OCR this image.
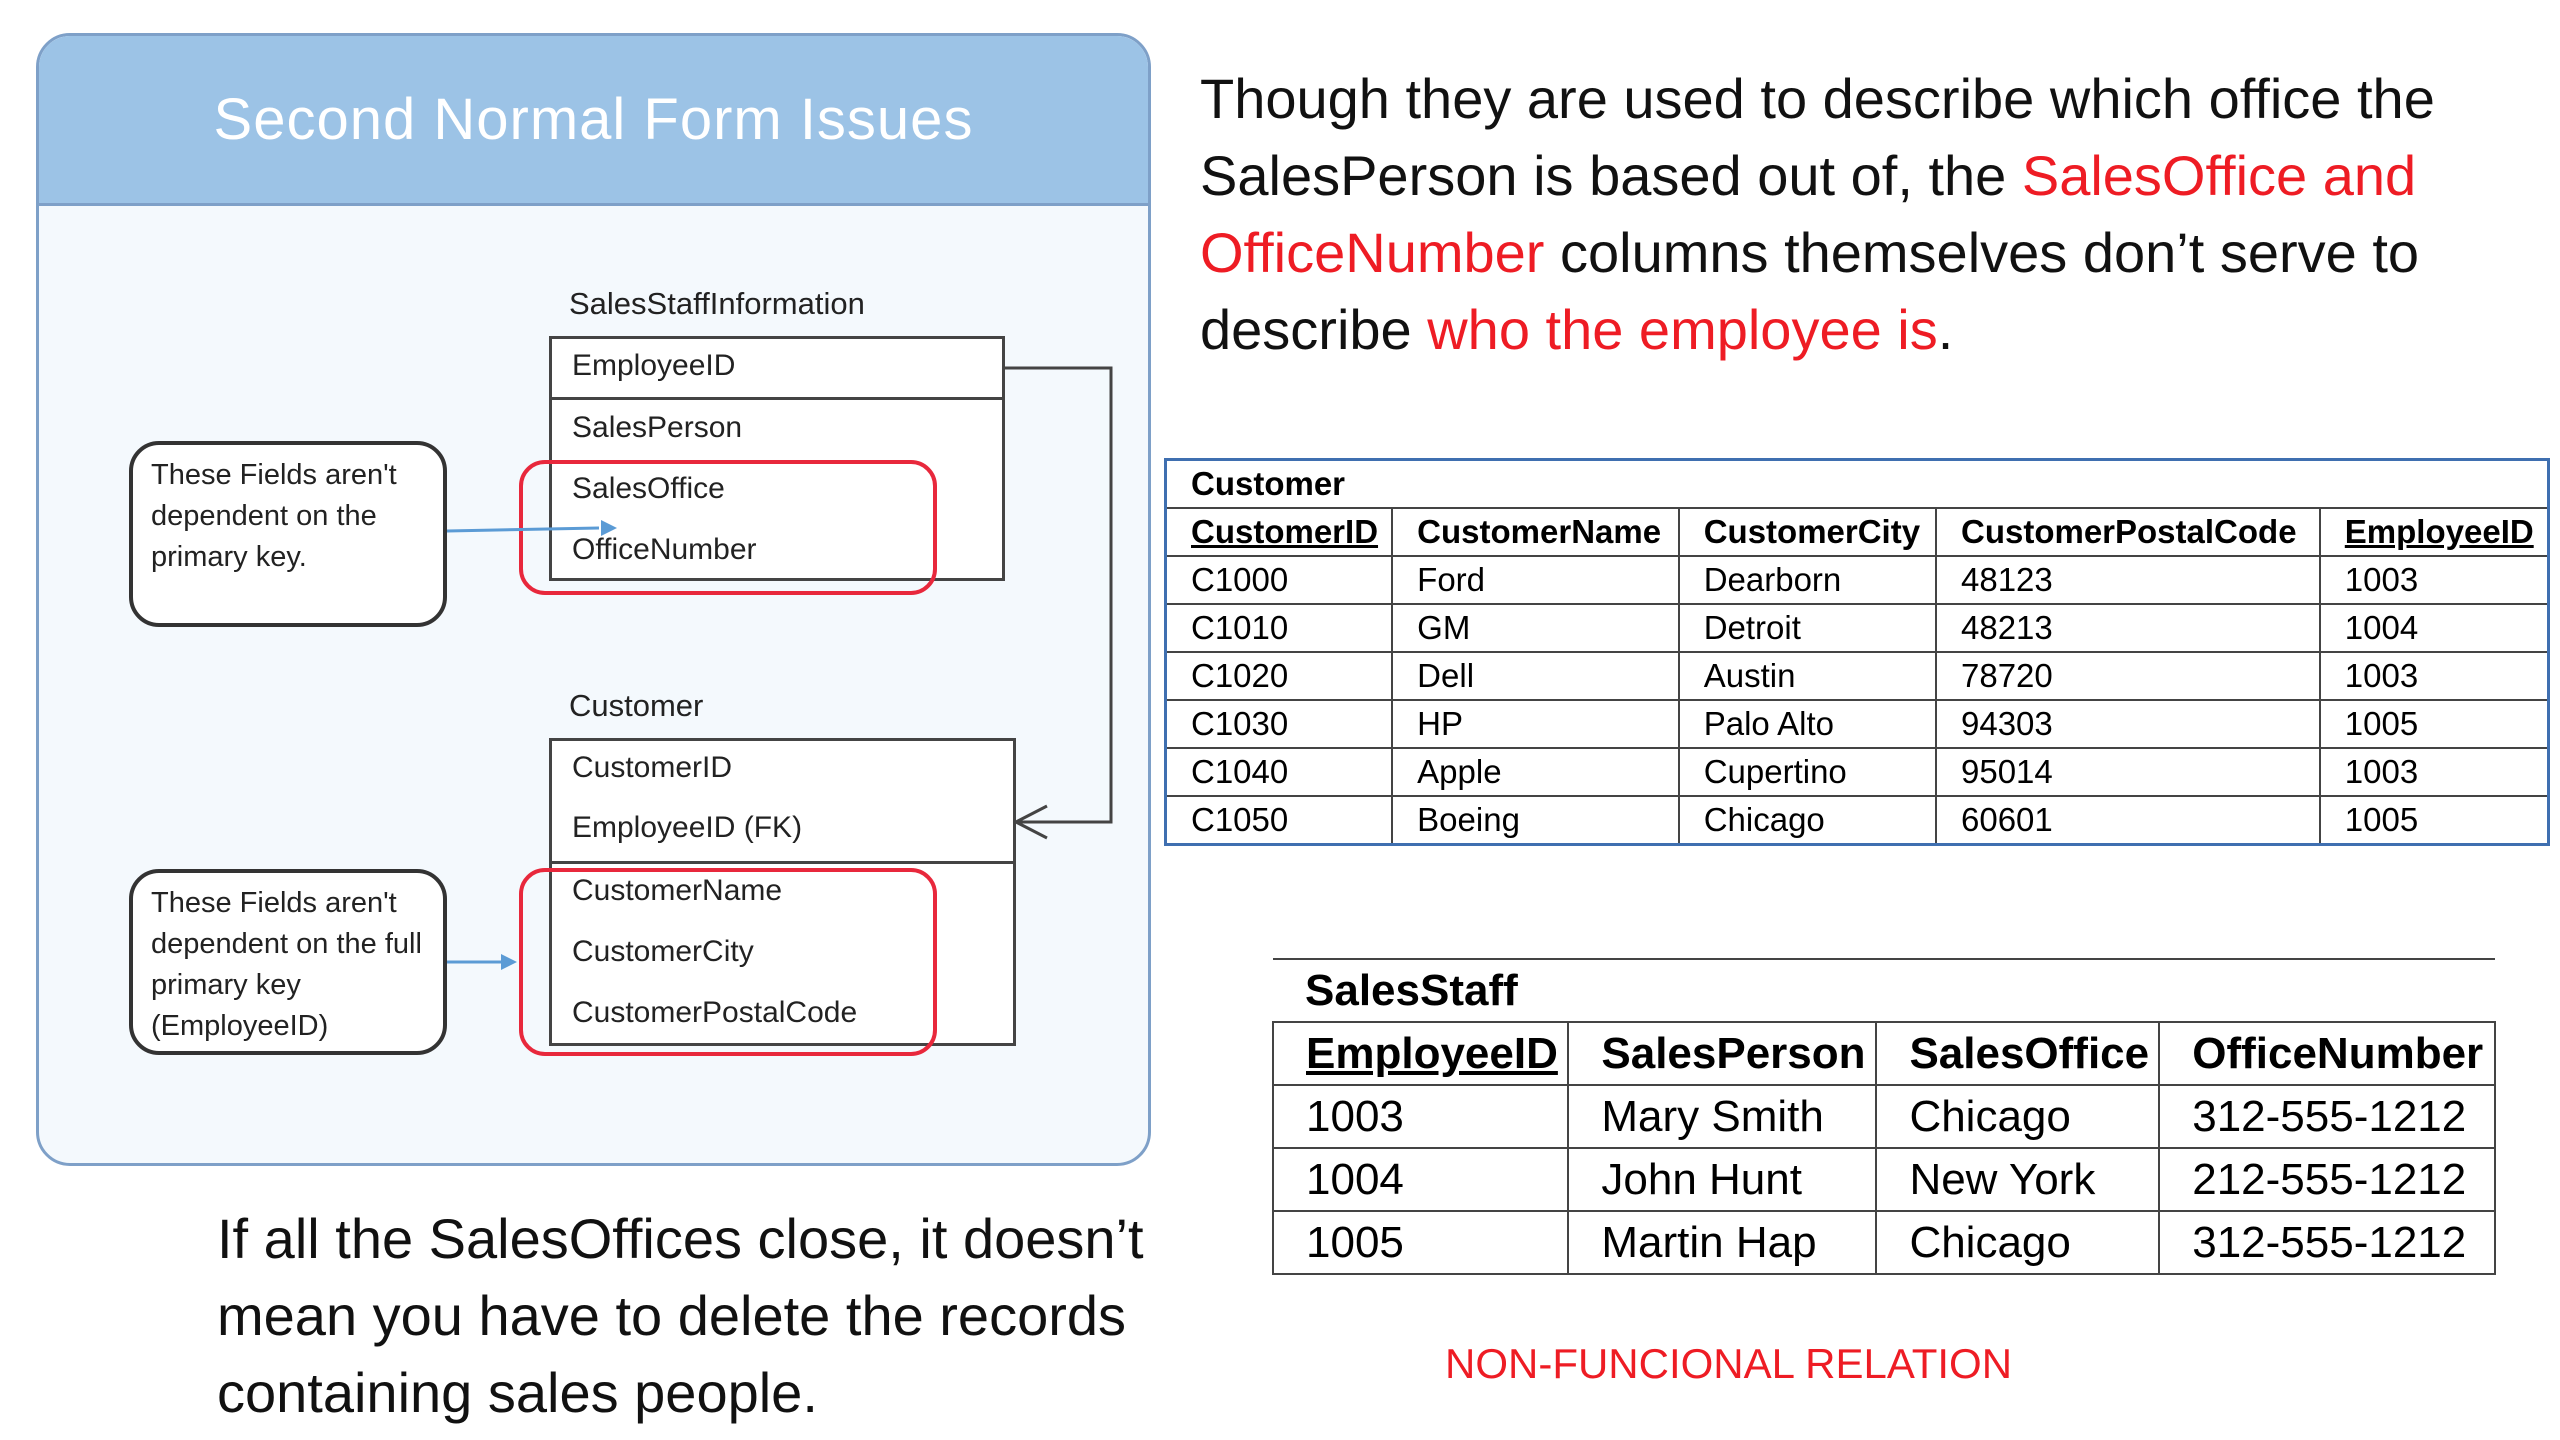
Second Normal Form Issues
SalesStaffInformation
EmployeeID
SalesPerson
SalesOffice
OfficeNumber
Customer
CustomerID
EmployeeID (FK)
CustomerName
CustomerCity
CustomerPostalCode
These Fields aren't dependent on the primary key.
These Fields aren't dependent on the full primary key (EmployeeID)
Though they are used to describe which office the SalesPerson is based out of, the SalesOffice and OfficeNumber columns themselves don’t serve to describe who the employee is.
Customer				
CustomerID	CustomerName	CustomerCity	CustomerPostalCode	EmployeeID
C1000	Ford	Dearborn	48123	1003
C1010	GM	Detroit	48213	1004
C1020	Dell	Austin	78720	1003
C1030	HP	Palo Alto	94303	1005
C1040	Apple	Cupertino	95014	1003
C1050	Boeing	Chicago	60601	1005
SalesStaff			
EmployeeID	SalesPerson	SalesOffice	OfficeNumber
1003	Mary Smith	Chicago	312-555-1212
1004	John Hunt	New York	212-555-1212
1005	Martin Hap	Chicago	312-555-1212
If all the SalesOffices close, it doesn’t mean you have to delete the records containing sales people.	NON-FUNCIONAL RELATION
